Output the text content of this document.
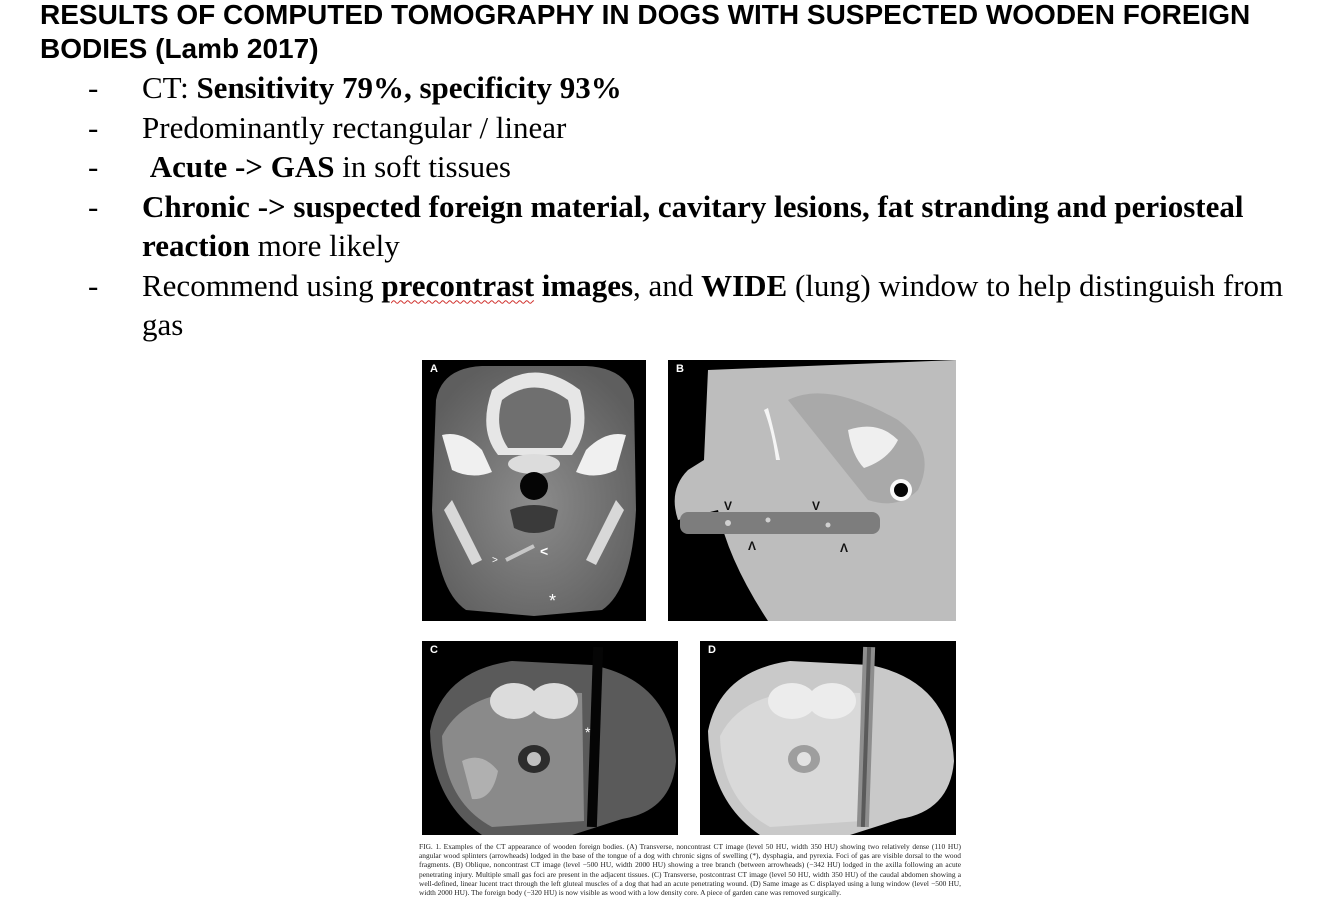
RESULTS OF COMPUTED TOMOGRAPHY IN DOGS WITH SUSPECTED WOODEN FOREIGN BODIES (Lamb 2017)
-	CT: Sensitivity 79%, specificity 93%
-	Predominantly rectangular / linear
-	Acute -> GAS in soft tissues
-	Chronic -> suspected foreign material, cavitary lesions, fat stranding and periosteal reaction more likely
-	Recommend using precontrast images, and WIDE (lung) window to help distinguish from gas
>
<
*
A
V	V
Λ	Λ
B
*
C	D

FIG. 1. Examples of the CT appearance of wooden foreign bodies. (A) Transverse, noncontrast CT image (level 50 HU, width 350 HU) showing two relatively dense (110 HU) angular wood splinters (arrowheads) lodged in the base of the tongue of a dog with chronic signs of swelling (*), dysphagia, and pyrexia. Foci of gas are visible dorsal to the wood fragments. (B) Oblique, noncontrast CT image (level −500 HU, width 2000 HU) showing a tree branch (between arrowheads) (−342 HU) lodged in the axilla following an acute penetrating injury. Multiple small gas foci are present in the adjacent tissues. (C) Transverse, postcontrast CT image (level 50 HU, width 350 HU) of the caudal abdomen showing a well-defined, linear lucent tract through the left gluteal muscles of a dog that had an acute penetrating wound. (D) Same image as C displayed using a lung window (level −500 HU, width 2000 HU). The foreign body (−320 HU) is now visible as wood with a low density core. A piece of garden cane was removed surgically.
